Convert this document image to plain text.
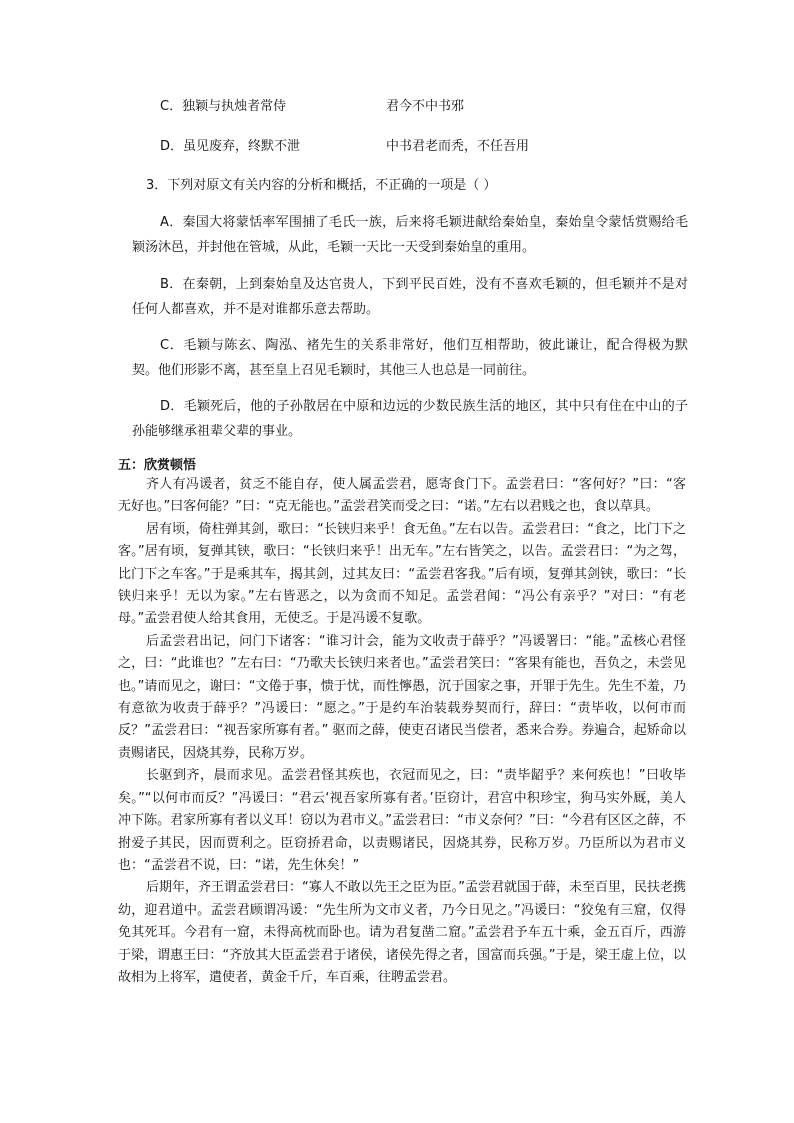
C．独颖与执烛者常侍	君今不中书邪
D．虽见废弃，终默不泄	中书君老而秃，不任吾用
3．下列对原文有关内容的分析和概括，不正确的一项是（ ）
A．秦国大将蒙恬率军围捕了毛氏一族，后来将毛颖进献给秦始皇，秦始皇令蒙恬赏赐给毛颖汤沐邑，并封他在管城，从此，毛颖一天比一天受到秦始皇的重用。
B．在秦朝，上到秦始皇及达官贵人，下到平民百姓，没有不喜欢毛颖的，但毛颖并不是对任何人都喜欢，并不是对谁都乐意去帮助。
C．毛颖与陈玄、陶泓、褚先生的关系非常好，他们互相帮助，彼此谦让，配合得极为默契。他们形影不离，甚至皇上召见毛颖时，其他三人也总是一同前往。
D．毛颖死后，他的子孙散居在中原和边远的少数民族生活的地区，其中只有住在中山的子孙能够继承祖辈父辈的事业。
五：欣赏顿悟

齐人有冯谖者，贫乏不能自存，使人属孟尝君，愿寄食门下。孟尝君曰：“客何好？”曰：“客无好也。”曰客何能？”曰：“克无能也。”孟尝君笑而受之曰：“诺。”左右以君贱之也，食以草具。

居有顷，倚柱弹其剑，歌曰：“长铗归来乎！食无鱼。”左右以告。孟尝君曰：“食之，比门下之客。”居有顷，复弹其铗，歌曰：“长铗归来乎！出无车。”左右皆笑之，以告。孟尝君曰：“为之驾，比门下之车客。”于是乘其车，揭其剑，过其友曰：“孟尝君客我。”后有顷，复弹其剑铗，歌曰：“长铗归来乎！无以为家。”左右皆恶之，以为贪而不知足。孟尝君闻：“冯公有亲乎？”对曰：“有老母。”孟尝君使人给其食用，无使乏。于是冯谖不复歌。

后孟尝君出记，问门下诸客：“谁习计会，能为文收责于薛乎？”冯谖署曰：“能。”孟核心君怪之，曰：“此谁也？”左右曰：“乃歌夫长铗归来者也。”孟尝君笑曰：“客果有能也，吾负之，未尝见也。”请而见之，谢曰：“文倦于事，愦于忧，而性懧愚，沉于国家之事，开罪于先生。先生不羞，乃有意欲为收责于薛乎？”冯谖曰：“愿之。”于是约车治装载券契而行，辞曰：“责毕收，以何市而反？”孟尝君曰：“视吾家所寡有者。” 驱而之薛，使吏召诸民当偿者，悉来合券。券遍合，起矫命以责赐诸民，因烧其券，民称万岁。

长驱到齐，晨而求见。孟尝君怪其疾也，衣冠而见之，曰：“责毕龆乎？来何疾也！”曰收毕矣。”“以何市而反？”冯谖曰：“君云‘视吾家所寡有者。’臣窃计，君宫中积珍宝，狗马实外厩，美人冲下陈。君家所寡有者以义耳！窃以为君市义。”孟尝君曰：“市义奈何？”曰：“今君有区区之薛，不拊爱子其民，因而贾利之。臣窃挢君命，以责赐诸民，因烧其券，民称万岁。乃臣所以为君市义也：“孟尝君不说，曰：“诺，先生休矣！”

后期年，齐王谓孟尝君曰：“寡人不敢以先王之臣为臣。”孟尝君就国于薛，未至百里，民扶老携幼，迎君道中。孟尝君顾谓冯谖：“先生所为文市义者，乃今日见之。”冯谖曰：“狡兔有三窟，仅得免其死耳。今君有一窟，未得高枕而卧也。请为君复凿二窟。”孟尝君予车五十乘，金五百斤，西游于梁，谓惠王曰：“齐放其大臣孟尝君于诸侯，诸侯先得之者，国富而兵强。”于是，梁王虚上位，以故相为上将军，遣使者，黄金千斤，车百乘，往聘孟尝君。
